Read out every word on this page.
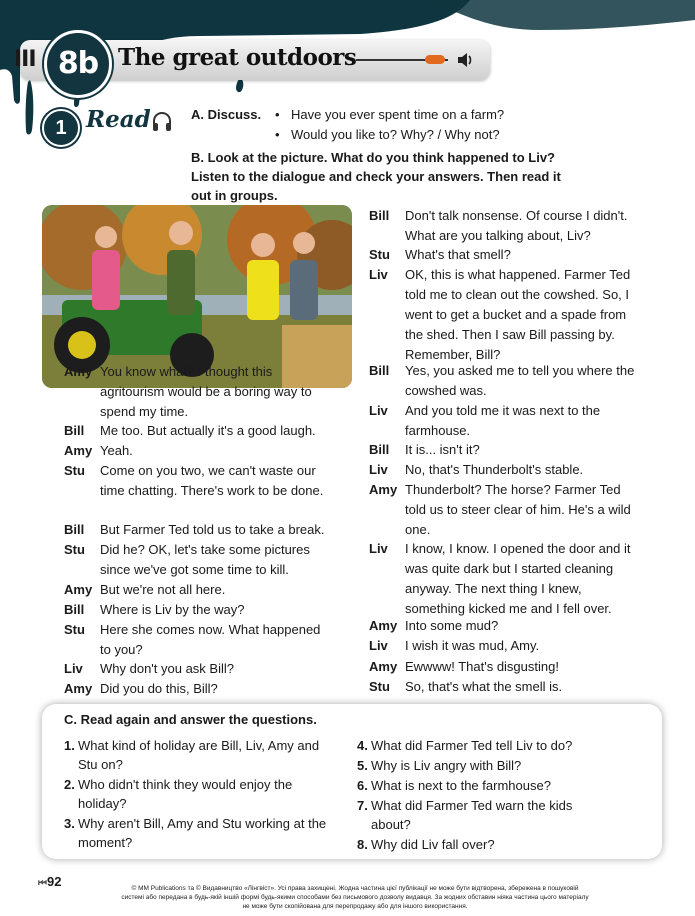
III 8b The great outdoors
1 Read	A. Discuss. • Have you ever spent time on a farm?
• Would you like to? Why? / Why not?
B. Look at the picture. What do you think happened to Liv? Listen to the dialogue and check your answers. Then read it out in groups.
Amy You know what? I thought this agritourism would be a boring way to spend my time.
Bill Me too. But actually it's a good laugh.
Amy Yeah.
Stu Come on you two, we can't waste our time chatting. There's work to be done.
Bill But Farmer Ted told us to take a break.
Stu Did he? OK, let's take some pictures since we've got some time to kill.
Amy But we're not all here.
Bill Where is Liv by the way?
Stu Here she comes now. What happened to you?
Liv Why don't you ask Bill?
Amy Did you do this, Bill?
Bill Don't talk nonsense. Of course I didn't. What are you talking about, Liv?
Stu What's that smell?
Liv OK, this is what happened. Farmer Ted told me to clean out the cowshed. So, I went to get a bucket and a spade from the shed. Then I saw Bill passing by. Remember, Bill?
Bill Yes, you asked me to tell you where the cowshed was.
Liv And you told me it was next to the farmhouse.
Bill It is... isn't it?
Liv No, that's Thunderbolt's stable.
Amy Thunderbolt? The horse? Farmer Ted told us to steer clear of him. He's a wild one.
Liv I know, I know. I opened the door and it was quite dark but I started cleaning anyway. The next thing I knew, something kicked me and I fell over.
Amy Into some mud?
Liv I wish it was mud, Amy.
Amy Ewwww! That's disgusting!
Stu So, that's what the smell is.
C. Read again and answer the questions.
1. What kind of holiday are Bill, Liv, Amy and Stu on?
2. Who didn't think they would enjoy the holiday?
3. Why aren't Bill, Amy and Stu working at the moment?
4. What did Farmer Ted tell Liv to do?
5. Why is Liv angry with Bill?
6. What is next to the farmhouse?
7. What did Farmer Ted warn the kids about?
8. Why did Liv fall over?
⏮ 92	© MM Publications та © Видавництво «Лінгвіст». Усі права захищені. Жодна частина цієї публікації не може бути відтворена, збережена в пошуковій системі або передана в будь-якій іншій формі будь-якими способами без письмового дозволу видавця. За жодних обставин ніяка частина цього матеріалу не може бути скопійована для перепродажу або для іншого використання.
